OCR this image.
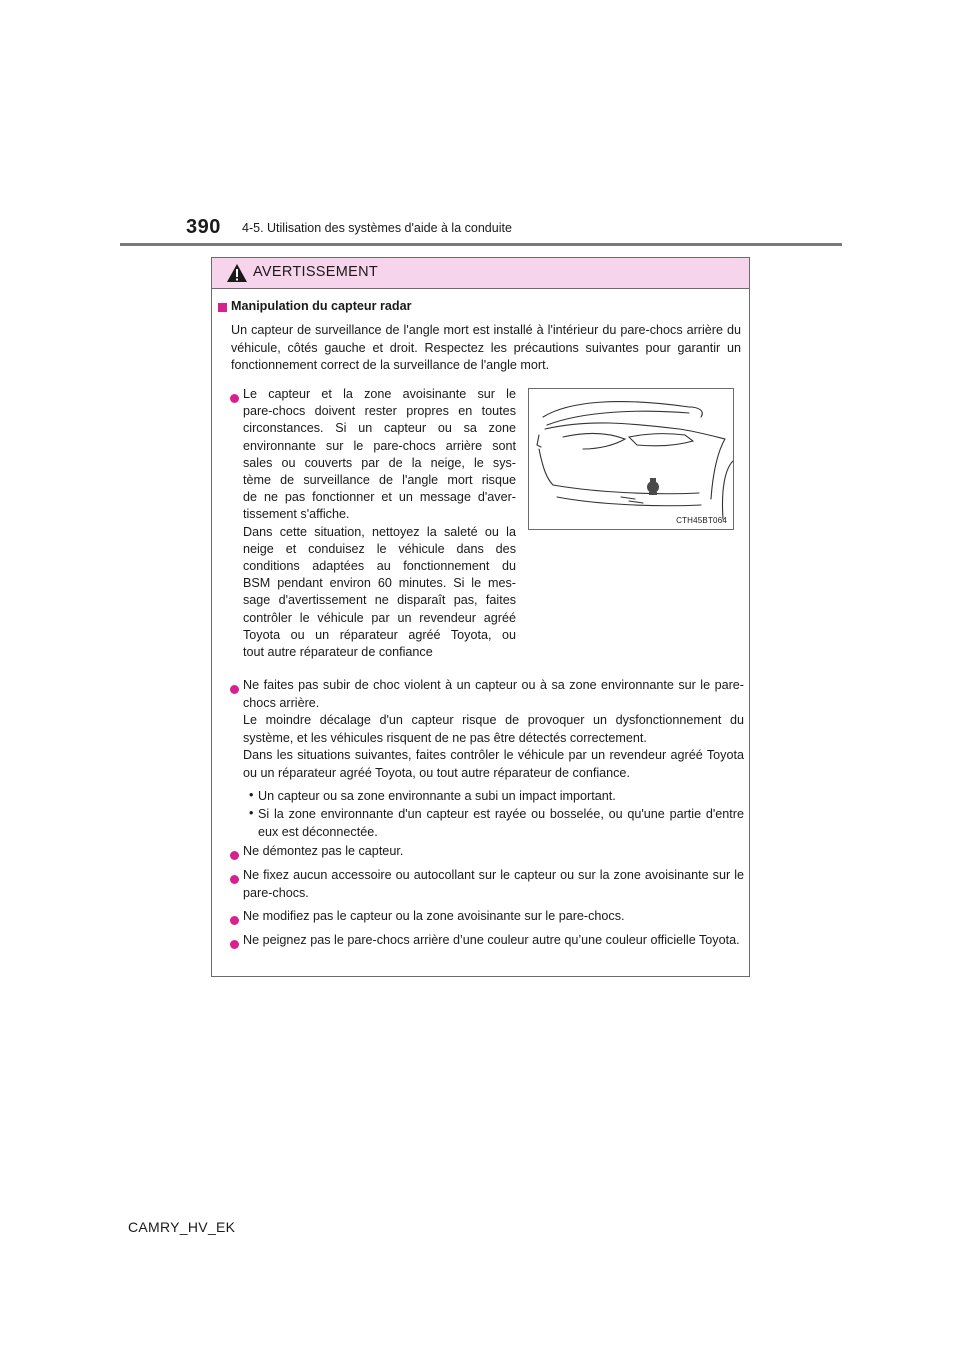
390 4-5. Utilisation des systèmes d'aide à la conduite
AVERTISSEMENT
Manipulation du capteur radar
Un capteur de surveillance de l'angle mort est installé à l'intérieur du pare-chocs arrière du véhicule, côtés gauche et droit. Respectez les précautions suivantes pour garantir un fonctionnement correct de la surveillance de l'angle mort.
Le capteur et la zone avoisinante sur le
pare-chocs doivent rester propres en toutes
circonstances. Si un capteur ou sa zone
environnante sur le pare-chocs arrière sont
sales ou couverts par de la neige, le sys-
tème de surveillance de l'angle mort risque
de ne pas fonctionner et un message d'aver-
tissement s'affiche.
Dans cette situation, nettoyez la saleté ou la
neige et conduisez le véhicule dans des
conditions adaptées au fonctionnement du
BSM pendant environ 60 minutes. Si le mes-
sage d'avertissement ne disparaît pas, faites
contrôler le véhicule par un revendeur agréé
Toyota ou un réparateur agréé Toyota, ou
tout autre réparateur de confiance
CTH45BT064
Ne faites pas subir de choc violent à un capteur ou à sa zone environnante sur le pare-chocs arrière.
Le moindre décalage d'un capteur risque de provoquer un dysfonctionnement du système, et les véhicules risquent de ne pas être détectés correctement.
Dans les situations suivantes, faites contrôler le véhicule par un revendeur agréé Toyota ou un réparateur agréé Toyota, ou tout autre réparateur de confiance.
• Un capteur ou sa zone environnante a subi un impact important.
• Si la zone environnante d'un capteur est rayée ou bosselée, ou qu'une partie d'entre eux est déconnectée.
Ne démontez pas le capteur.
Ne fixez aucun accessoire ou autocollant sur le capteur ou sur la zone avoisinante sur le pare-chocs.
Ne modifiez pas le capteur ou la zone avoisinante sur le pare-chocs.
Ne peignez pas le pare-chocs arrière d’une couleur autre qu’une couleur officielle Toyota.
CAMRY_HV_EK
